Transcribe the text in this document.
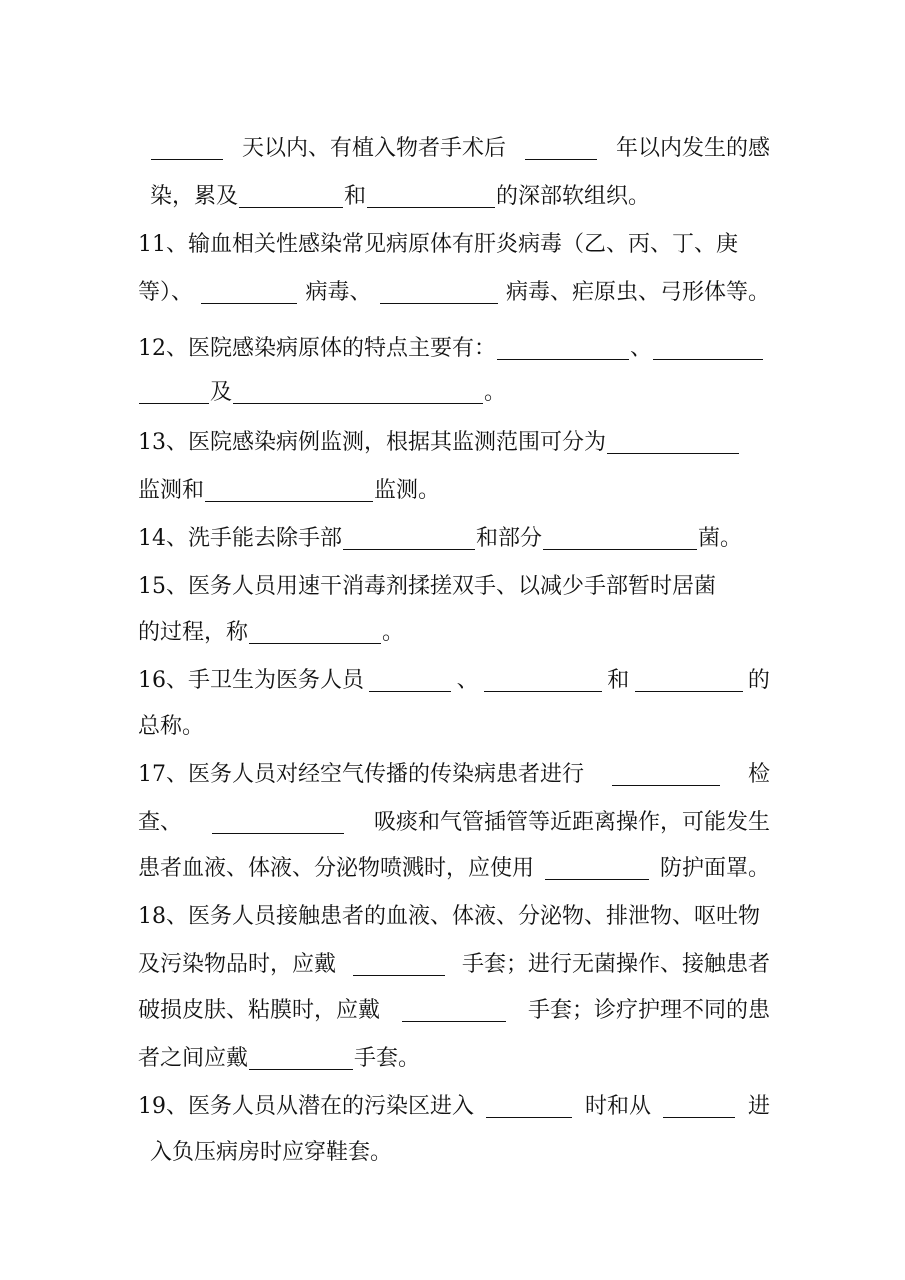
天以内、有植入物者手术后	年以内发生的感
染，累及	和	的深部软组织。
11、输血相关性感染常见病原体有肝炎病毒（乙、丙、丁、庚
等）、	病毒、	病毒、疟原虫、弓形体等。
12、医院感染病原体的特点主要有：	、
及	。
13、医院感染病例监测，根据其监测范围可分为
监测和	监测。
14、洗手能去除手部	和部分	菌。
15、医务人员用速干消毒剂揉搓双手、以减少手部暂时居菌
的过程，称	。
16、手卫生为医务人员	、	和	的
总称。
17、医务人员对经空气传播的传染病患者进行	检
查、	吸痰和气管插管等近距离操作，可能发生
患者血液、体液、分泌物喷溅时，应使用	防护面罩。
18、医务人员接触患者的血液、体液、分泌物、排泄物、呕吐物
及污染物品时，应戴	手套；进行无菌操作、接触患者
破损皮肤、粘膜时，应戴	手套；诊疗护理不同的患
者之间应戴	手套。
19、医务人员从潜在的污染区进入	时和从	进
入负压病房时应穿鞋套。
